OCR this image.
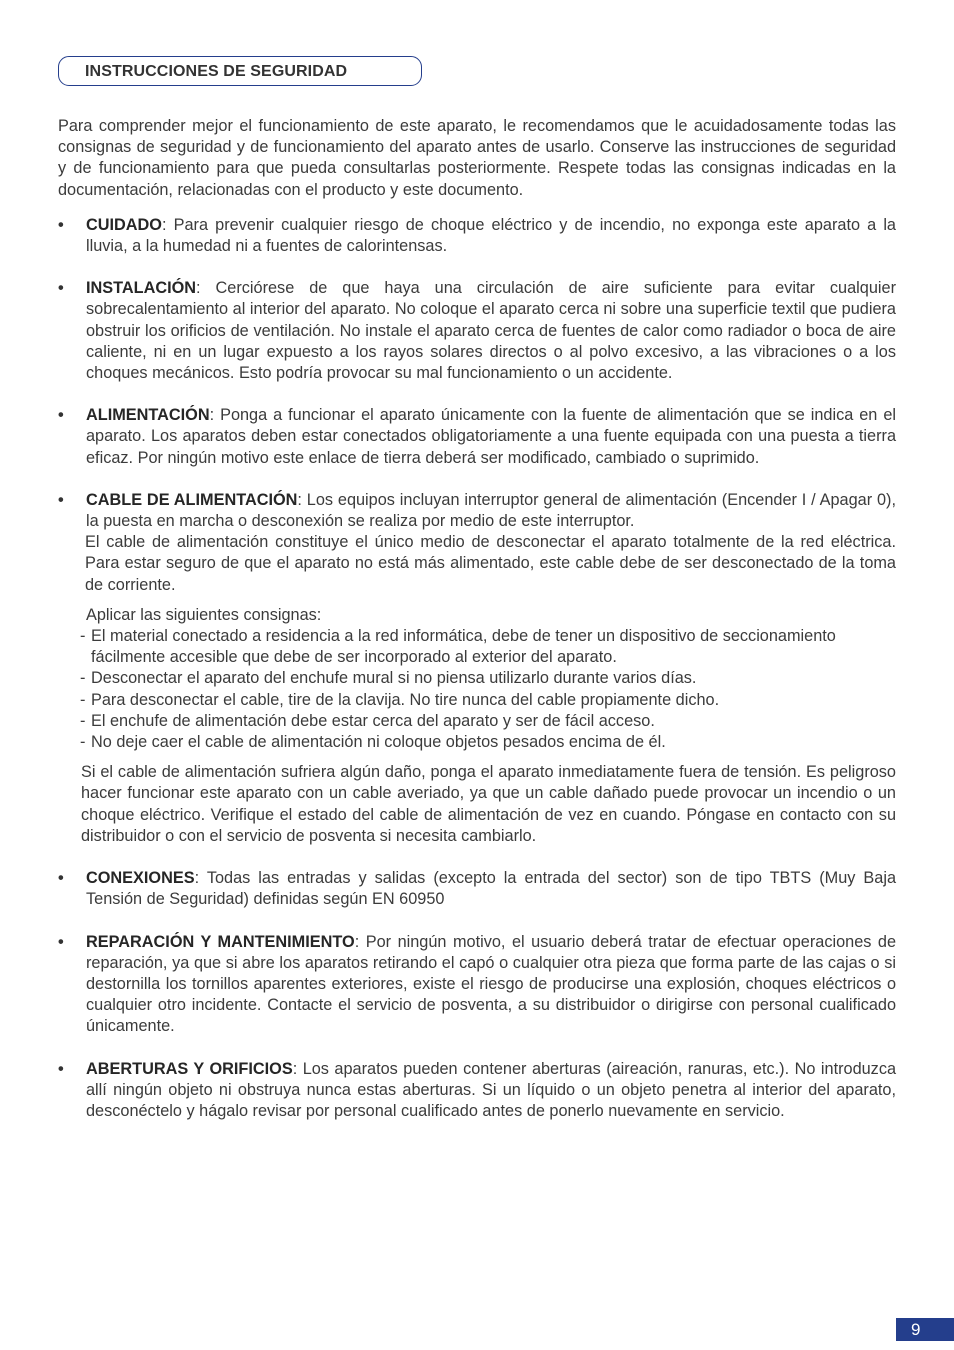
INSTRUCCIONES DE SEGURIDAD

Para comprender mejor el funcionamiento de este aparato, le recomendamos que le acuidadosamente todas las consignas de seguridad y de funcionamiento del aparato antes de usarlo. Conserve las instrucciones de seguridad y de funcionamiento para que pueda consultarlas posteriormente. Respete todas las consignas indicadas en la documentación, relacionadas con el producto y este documento.

• CUIDADO: Para prevenir cualquier riesgo de choque eléctrico y de incendio, no exponga este aparato a la lluvia, a la humedad ni a fuentes de calorintensas.

• INSTALACIÓN: Cerciórese de que haya una circulación de aire suficiente para evitar cualquier sobrecalentamiento al interior del aparato. No coloque el aparato cerca ni sobre una superficie textil que pudiera obstruir los orificios de ventilación. No instale el aparato cerca de fuentes de calor como radiador o boca de aire caliente, ni en un lugar expuesto a los rayos solares directos o al polvo excesivo, a las vibraciones o a los choques mecánicos. Esto podría provocar su mal funcionamiento o un accidente.

• ALIMENTACIÓN: Ponga a funcionar el aparato únicamente con la fuente de alimentación que se indica en el aparato. Los aparatos deben estar conectados obligatoriamente a una fuente equipada con una puesta a tierra eficaz. Por ningún motivo este enlace de tierra deberá ser modificado, cambiado o suprimido.

• CABLE DE ALIMENTACIÓN: Los equipos incluyan interruptor general de alimentación (Encender I / Apagar 0), la puesta en marcha o desconexión se realiza por medio de este interruptor.

El cable de alimentación constituye el único medio de desconectar el aparato totalmente de la red eléctrica. Para estar seguro de que el aparato no está más alimentado, este cable debe de ser desconectado de la toma de corriente.

Aplicar las siguientes consignas:

- El material conectado a residencia a la red informática, debe de tener un dispositivo de seccionamiento fácilmente accesible que debe de ser incorporado al exterior del aparato.

- Desconectar el aparato del enchufe mural si no piensa utilizarlo durante varios días.

- Para desconectar el cable, tire de la clavija. No tire nunca del cable propiamente dicho.

- El enchufe de alimentación debe estar cerca del aparato y ser de fácil acceso.

- No deje caer el cable de alimentación ni coloque objetos pesados encima de él.

Si el cable de alimentación sufriera algún daño, ponga el aparato inmediatamente fuera de tensión. Es peligroso hacer funcionar este aparato con un cable averiado, ya que un cable dañado puede provocar un incendio o un choque eléctrico. Verifique el estado del cable de alimentación de vez en cuando. Póngase en contacto con su distribuidor o con el servicio de posventa si necesita cambiarlo.

• CONEXIONES: Todas las entradas y salidas (excepto la entrada del sector) son de tipo TBTS (Muy Baja Tensión de Seguridad) definidas según EN 60950

• REPARACIÓN Y MANTENIMIENTO: Por ningún motivo, el usuario deberá tratar de efectuar operaciones de reparación, ya que si abre los aparatos retirando el capó o cualquier otra pieza que forma parte de las cajas o si destornilla los tornillos aparentes exteriores, existe el riesgo de producirse una explosión, choques eléctricos o cualquier otro incidente. Contacte el servicio de posventa, a su distribuidor o dirigirse con personal cualificado únicamente.

• ABERTURAS Y ORIFICIOS: Los aparatos pueden contener aberturas (aireación, ranuras, etc.). No introduzca allí ningún objeto ni obstruya nunca estas aberturas. Si un líquido o un objeto penetra al interior del aparato, desconéctelo y hágalo revisar por personal cualificado antes de ponerlo nuevamente en servicio.

9
